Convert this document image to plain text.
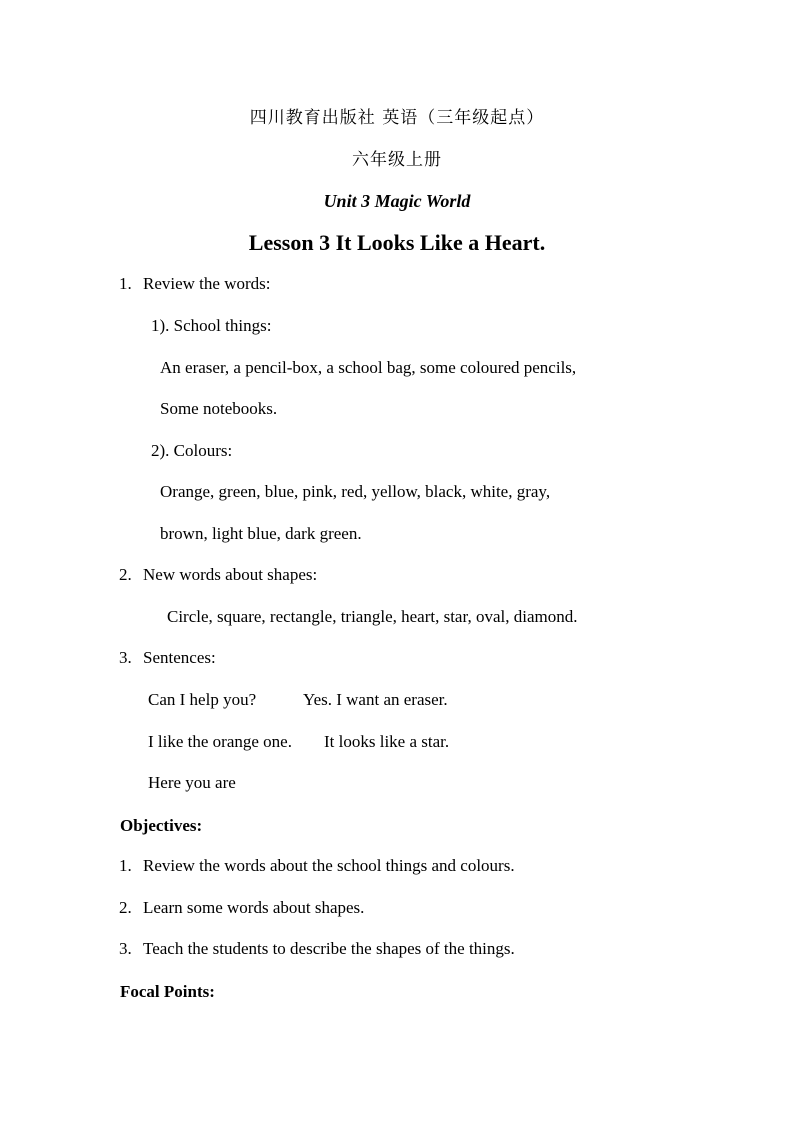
四川教育出版社 英语（三年级起点）
六年级上册
Unit 3 Magic World
Lesson 3 It Looks Like a Heart.
1. Review the words:
1). School things:
An eraser, a pencil-box, a school bag, some coloured pencils,
Some notebooks.
2). Colours:
Orange, green, blue, pink, red, yellow, black, white, gray,
brown, light blue, dark green.
2. New words about shapes:
Circle, square, rectangle, triangle, heart, star, oval, diamond.
3. Sentences:
Can I help you?	Yes. I want an eraser.
I like the orange one. It looks like a star.
Here you are
Objectives:
1. Review the words about the school things and colours.
2. Learn some words about shapes.
3. Teach the students to describe the shapes of the things.
Focal Points:
